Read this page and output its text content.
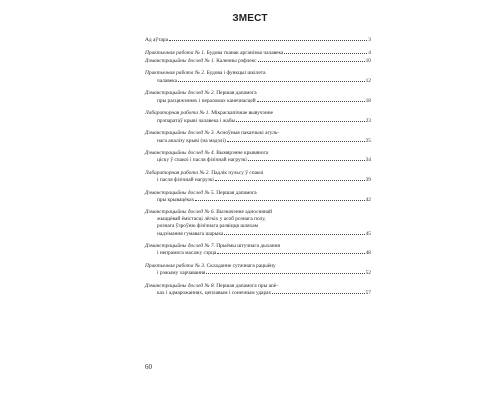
ЗМЕСТ
Ад аўтара	3
Практычная работа № 1. Будова тканак арганізма чалавека	4
Дэманстрацыйны дослед № 1. Каленны рэфлекс	10
Практычная работа № 2. Будова і функцыі шкілета
чалавека	12
Дэманстрацыйны дослед № 2. Першая дапамога
пры расцяжэннях і пераломах канечнасцей	18
Лабараторная работа № 1. Мікраскапічнае вывучэнне
прэпаратаў крыві чалавека і жабы	23
Дэманстрацыйны дослед № 3. Асноўныя паказчыкі агуль-
нага аналізу крыві (на мадэлі)	25
Дэманстрацыйны дослед № 4. Вымярэнне крывянога
ціску ў спакоі і пасля фізічнай нагрузкі	34
Лабараторная работа № 2. Падлік пульсу ў спакоі
і пасля фізічнай нагрузкі	39
Дэманстрацыйны дослед № 5. Першая дапамога
пры крывацёках	42
Дэманстрацыйны дослед № 6. Вызначэнне адноснянай
жыццёвай ёмістасці лёгкіх у асоб рознага полу,
рознага ўзроўню фізічнага развіцця шляхам
надзімання гумавага шарыка	45
Дэманстрацыйны дослед № 7. Прыёмы штучнага дыхання
і непрамога масажу сэрца	48
Практычная работа № 3. Складанне сутачнага рацыёну
і рэжыму харчавання	52
Дэманстрацыйны дослед № 8. Першая дапамога пры апё-
ках і адмарожаннях, цеплавым і сонечным ударах	57
60
